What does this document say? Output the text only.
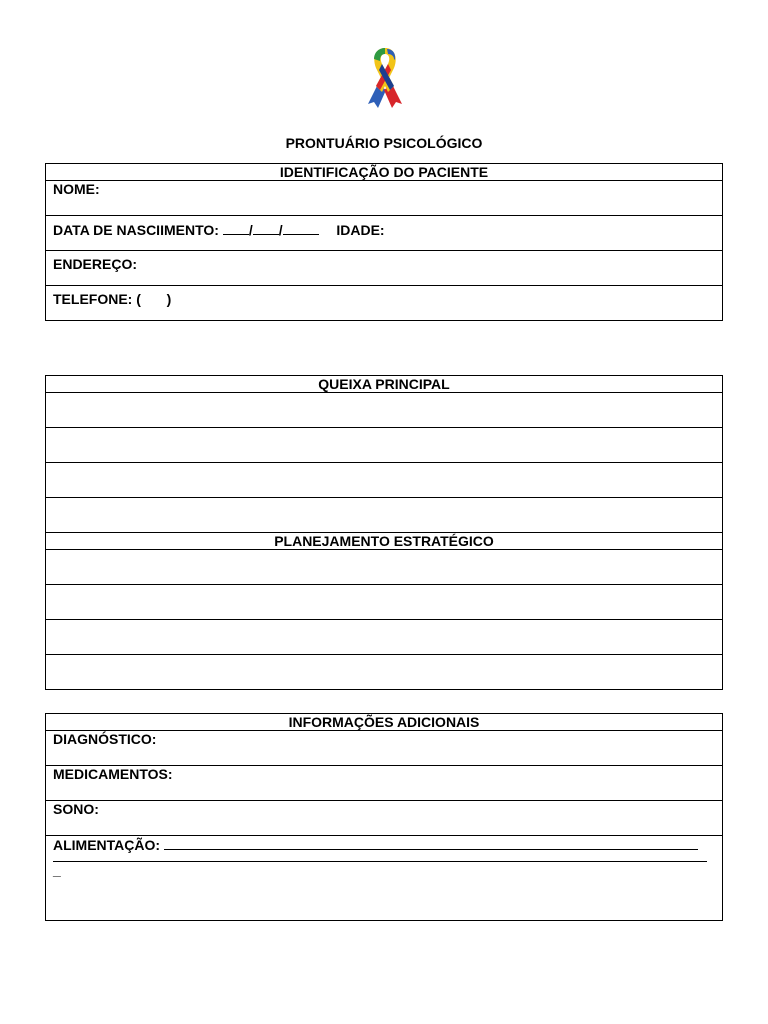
PRONTUÁRIO PSICOLÓGICO
IDENTIFICAÇÃO DO PACIENTE
NOME:
DATA DE NASCIIMENTO: / /	IDADE:
ENDEREÇO:
TELEFONE: ( )
QUEIXA PRINCIPAL

PLANEJAMENTO ESTRATÉGICO

INFORMAÇÕES ADICIONAIS
DIAGNÓSTICO:
MEDICAMENTOS:
SONO:
ALIMENTAÇÃO:
_
